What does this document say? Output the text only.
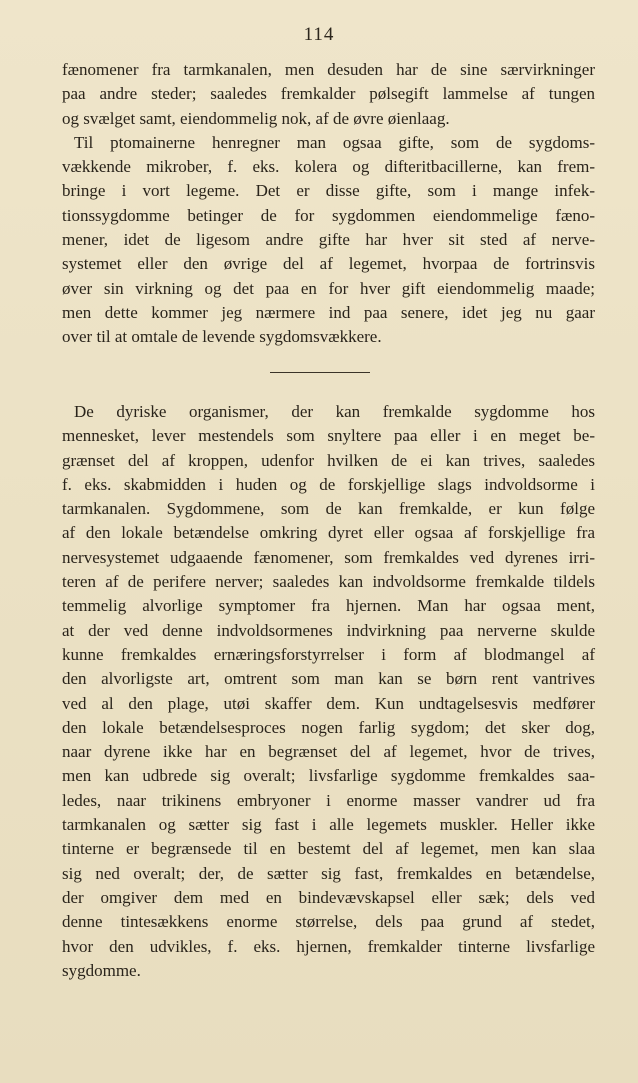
114
fænomener fra tarmkanalen, men desuden har de sine særvirkninger
paa andre steder; saaledes fremkalder pølsegift lammelse af tungen
og svælget samt, eiendommelig nok, af de øvre øienlaag.
Til ptomainerne henregner man ogsaa gifte, som de sygdoms-
vækkende mikrober, f. eks. kolera og difteritbacillerne, kan frem-
bringe i vort legeme. Det er disse gifte, som i mange infek-
tionssygdomme betinger de for sygdommen eiendommelige fæno-
mener, idet de ligesom andre gifte har hver sit sted af nerve-
systemet eller den øvrige del af legemet, hvorpaa de fortrinsvis
øver sin virkning og det paa en for hver gift eiendommelig maade;
men dette kommer jeg nærmere ind paa senere, idet jeg nu gaar
over til at omtale de levende sygdomsvækkere.
De dyriske organismer, der kan fremkalde sygdomme hos
mennesket, lever mestendels som snyltere paa eller i en meget be-
grænset del af kroppen, udenfor hvilken de ei kan trives, saaledes
f. eks. skabmidden i huden og de forskjellige slags indvoldsorme i
tarmkanalen. Sygdommene, som de kan fremkalde, er kun følge
af den lokale betændelse omkring dyret eller ogsaa af forskjellige fra
nervesystemet udgaaende fænomener, som fremkaldes ved dyrenes irri-
teren af de perifere nerver; saaledes kan indvoldsorme fremkalde tildels
temmelig alvorlige symptomer fra hjernen. Man har ogsaa ment,
at der ved denne indvoldsormenes indvirkning paa nerverne skulde
kunne fremkaldes ernæringsforstyrrelser i form af blodmangel af
den alvorligste art, omtrent som man kan se børn rent vantrives
ved al den plage, utøi skaffer dem. Kun undtagelsesvis medfører
den lokale betændelsesproces nogen farlig sygdom; det sker dog,
naar dyrene ikke har en begrænset del af legemet, hvor de trives,
men kan udbrede sig overalt; livsfarlige sygdomme fremkaldes saa-
ledes, naar trikinens embryoner i enorme masser vandrer ud fra
tarmkanalen og sætter sig fast i alle legemets muskler. Heller ikke
tinterne er begrænsede til en bestemt del af legemet, men kan slaa
sig ned overalt; der, de sætter sig fast, fremkaldes en betændelse,
der omgiver dem med en bindevævskapsel eller sæk; dels ved
denne tintesækkens enorme størrelse, dels paa grund af stedet,
hvor den udvikles, f. eks. hjernen, fremkalder tinterne livsfarlige
sygdomme.
